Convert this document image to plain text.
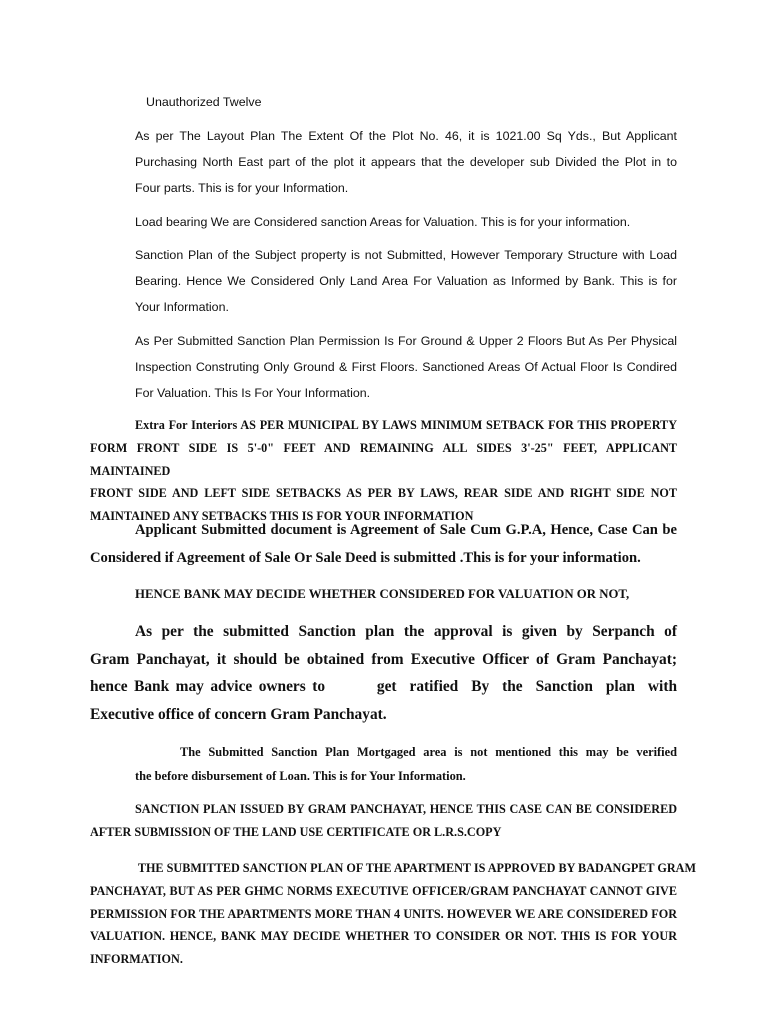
Unauthorized Twelve

As per The Layout Plan The Extent Of the Plot No. 46, it is 1021.00 Sq Yds., But Applicant
Purchasing North East part of the plot it appears that the developer sub Divided the Plot in to
Four parts. This is for your Information.

Load bearing We are Considered sanction Areas for Valuation. This is for your information.

Sanction Plan of the Subject property is not Submitted, However Temporary Structure with Load
Bearing. Hence We Considered Only Land Area For Valuation as Informed by Bank. This is for
Your Information.
As Per Submitted Sanction Plan Permission Is For Ground & Upper 2 Floors But As Per Physical
Inspection Construting Only Ground & First Floors. Sanctioned Areas Of Actual Floor Is Condired
For Valuation. This Is For Your Information.
Extra For Interiors AS PER MUNICIPAL BY LAWS MINIMUM SETBACK FOR THIS PROPERTY
FORM FRONT SIDE IS 5'-0" FEET AND REMAINING ALL SIDES 3'-25" FEET, APPLICANT MAINTAINED
FRONT SIDE AND LEFT SIDE SETBACKS AS PER BY LAWS, REAR SIDE AND RIGHT SIDE NOT
MAINTAINED ANY SETBACKS THIS IS FOR YOUR INFORMATION
Applicant Submitted document is Agreement of Sale Cum G.P.A, Hence, Case Can be
Considered if Agreement of Sale Or Sale Deed is submitted .This is for your information.

HENCE BANK MAY DECIDE WHETHER CONSIDERED FOR VALUATION OR NOT,

As per the submitted Sanction plan the approval is given by Serpanch of
Gram Panchayat, it should be obtained from Executive Officer of Gram Panchayat;
hence Bank may advice owners to        get  ratified  By  the  Sanction  plan  with
Executive office of concern Gram Panchayat.
The Submitted Sanction Plan Mortgaged area is not mentioned this may be verified
the before disbursement of Loan. This is for Your Information.
SANCTION PLAN ISSUED BY GRAM PANCHAYAT, HENCE THIS CASE CAN BE CONSIDERED
AFTER SUBMISSION OF THE LAND USE CERTIFICATE OR L.R.S.COPY
THE SUBMITTED SANCTION PLAN OF THE APARTMENT IS APPROVED BY BADANGPET GRAM
PANCHAYAT, BUT AS PER GHMC NORMS EXECUTIVE OFFICER/GRAM PANCHAYAT CANNOT GIVE
PERMISSION FOR THE APARTMENTS MORE THAN 4 UNITS. HOWEVER WE ARE CONSIDERED FOR
VALUATION. HENCE, BANK MAY DECIDE WHETHER TO CONSIDER OR NOT. THIS IS FOR YOUR
INFORMATION.
